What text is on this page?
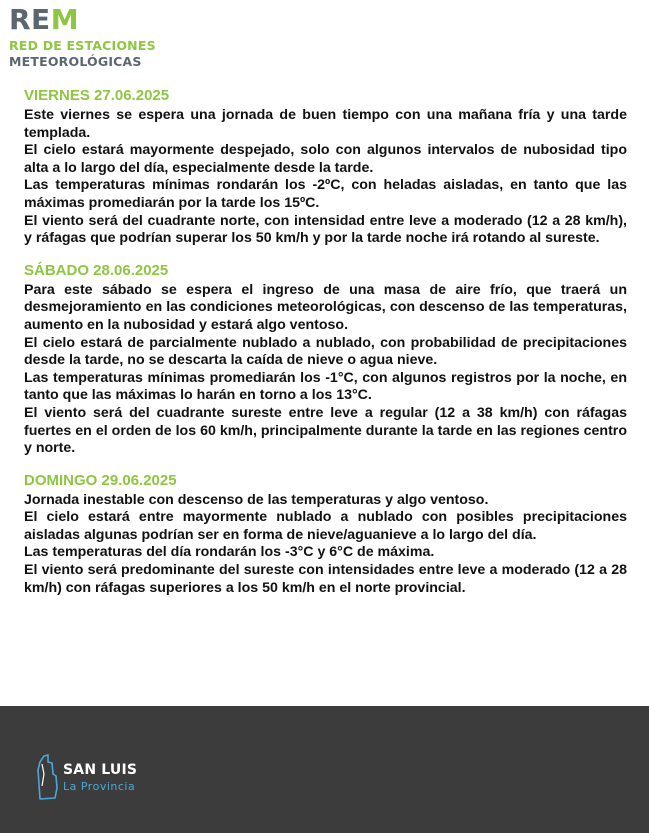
REM
RED DE ESTACIONES
METEOROLÓGICAS
VIERNES 27.06.2025

Este viernes se espera una jornada de buen tiempo con una mañana fría y una tarde templada.

El cielo estará mayormente despejado, solo con algunos intervalos de nubosidad tipo alta a lo largo del día, especialmente desde la tarde.

Las temperaturas mínimas rondarán los -2ºC, con heladas aisladas, en tanto que las máximas promediarán por la tarde los 15ºC.

El viento será del cuadrante norte, con intensidad entre leve a moderado (12 a 28 km/h), y ráfagas que podrían superar los 50 km/h y por la tarde noche irá rotando al sureste.

SÁBADO 28.06.2025

Para este sábado se espera el ingreso de una masa de aire frío, que traerá un desmejoramiento en las condiciones meteorológicas, con descenso de las temperaturas, aumento en la nubosidad y estará algo ventoso.

El cielo estará de parcialmente nublado a nublado, con probabilidad de precipitaciones desde la tarde, no se descarta la caída de nieve o agua nieve.

Las temperaturas mínimas promediarán los -1°C, con algunos registros por la noche, en tanto que las máximas lo harán en torno a los 13°C.

El viento será del cuadrante sureste entre leve a regular (12 a 38 km/h) con ráfagas fuertes en el orden de los 60 km/h, principalmente durante la tarde en las regiones centro y norte.

DOMINGO 29.06.2025

Jornada inestable con descenso de las temperaturas y algo ventoso.

El cielo estará entre mayormente nublado a nublado con posibles precipitaciones aisladas algunas podrían ser en forma de nieve/aguanieve a lo largo del día.

Las temperaturas del día rondarán los -3°C y 6°C de máxima.

El viento será predominante del sureste con intensidades entre leve a moderado (12 a 28 km/h) con ráfagas superiores a los 50 km/h en el norte provincial.

SAN LUIS
La Provincia
